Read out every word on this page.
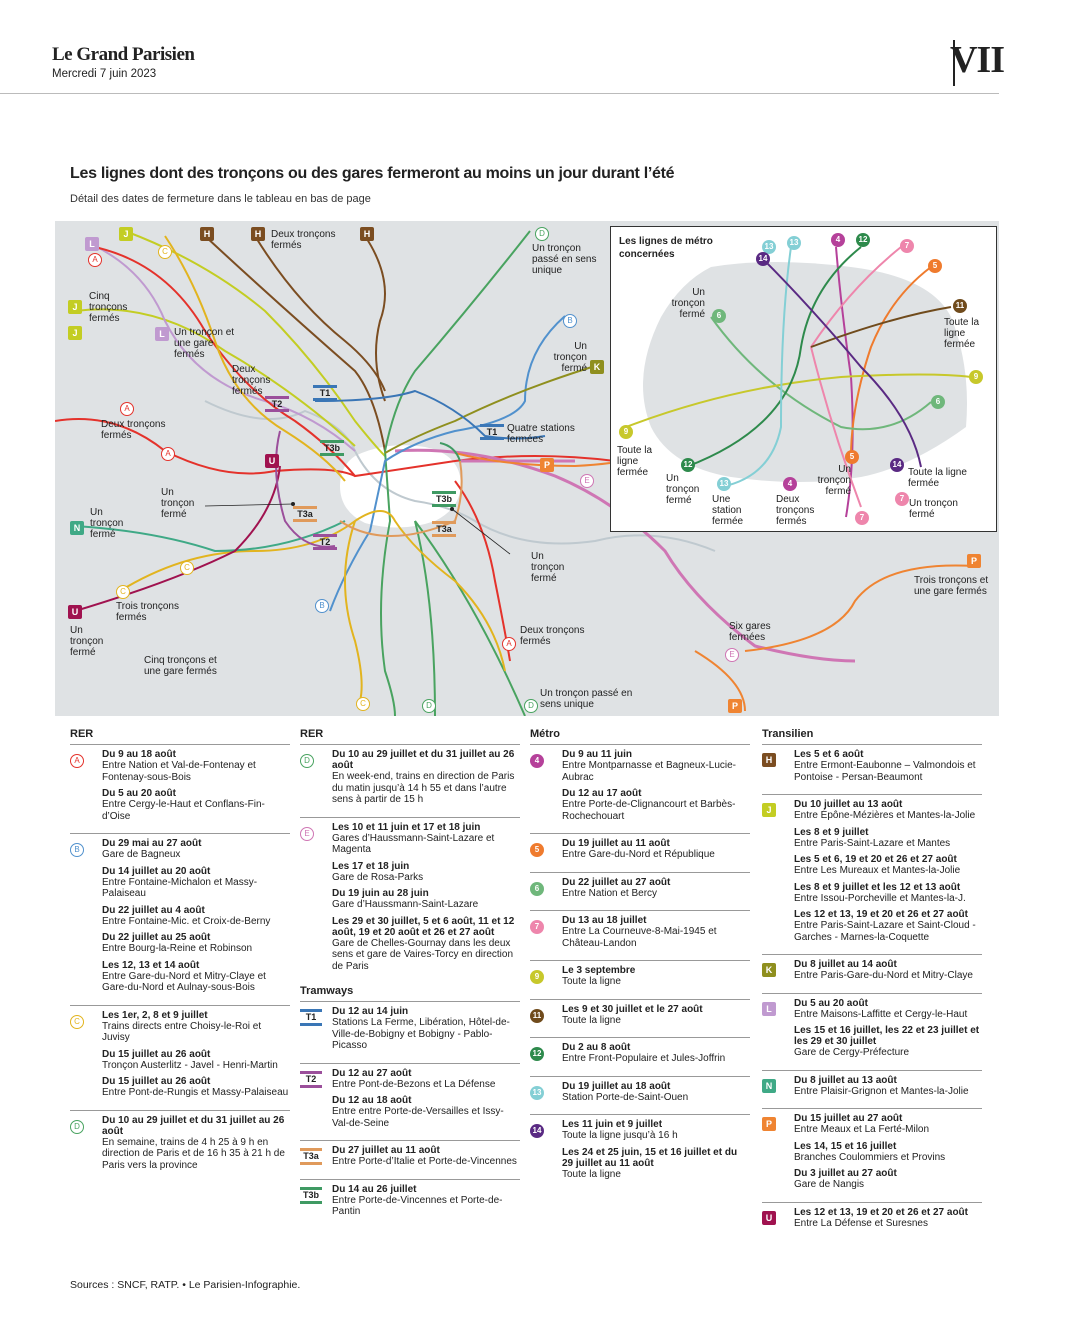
Le Grand Parisien
Mercredi 7 juin 2023	VII
Les lignes dont des tronçons ou des gares fermeront au moins un jour durant l’été
Détail des dates de fermeture dans le tableau en bas de page
L
J	H	H	H
J
J	L
K
P
U
N
U
P
P
A
C
D
B
A
A
E
C
C
B
A
E
C	D	D
T1
T1
T2
T3b
T3b
T3a
T3a
T2
Deux tronçons fermés	Un tronçon passé en sens unique
Cinq tronçons fermés
Un tronçon et une gare fermés
Deux tronçons fermés
Un tronçon fermé
Deux tronçons fermés
Quatre stations fermées
Un tronçon fermé
Un tronçon fermé
Un tronçon fermé	Trois tronçons et une gare fermés
Trois tronçons fermés
Un tronçon fermé
Deux tronçons fermés
Six gares fermées
Cinq tronçons et une gare fermés
Un tronçon passé en sens unique
Les lignes de métro concernées
13	13	4	12
7
14
5
11
6
9
6
9
5
12	14
13	4
7
7
Un tronçon fermé
Toute la ligne fermée
Toute la ligne fermée
Un tronçon fermé	Une station fermée
Deux tronçons fermés
Un tronçon fermé
Toute la ligne fermée
Un tronçon fermé
RER
A
Du 9 au 18 août
Entre Nation et Val-de-Fontenay et Fontenay-sous-Bois
Du 5 au 20 août
Entre Cergy-le-Haut et Conflans-Fin-d’Oise
B
Du 29 mai au 27 août
Gare de Bagneux
Du 14 juillet au 20 août
Entre Fontaine-Michalon et Massy-Palaiseau
Du 22 juillet au 4 août
Entre Fontaine-Mic. et Croix-de-Berny
Du 22 juillet au 25 août
Entre Bourg-la-Reine et Robinson
Les 12, 13 et 14 août
Entre Gare-du-Nord et Mitry-Claye et Gare-du-Nord et Aulnay-sous-Bois
C
Les 1er, 2, 8 et 9 juillet
Trains directs entre Choisy-le-Roi et Juvisy
Du 15 juillet au 26 août
Tronçon Austerlitz - Javel - Henri-Martin
Du 15 juillet au 26 août
Entre Pont-de-Rungis et Massy-Palaiseau
D
Du 10 au 29 juillet et du 31 juillet au 26 août
En semaine, trains de 4 h 25 à 9 h en direction de Paris et de 16 h 35 à 21 h de Paris vers la province
RER
D
Du 10 au 29 juillet et du 31 juillet au 26 août
En week-end, trains en direction de Paris du matin jusqu’à 14 h 55 et dans l’autre sens à partir de 15 h
E
Les 10 et 11 juin et 17 et 18 juin
Gares d’Haussmann-Saint-Lazare et Magenta
Les 17 et 18 juin
Gare de Rosa-Parks
Du 19 juin au 28 juin
Gare d’Haussmann-Saint-Lazare
Les 29 et 30 juillet, 5 et 6 août, 11 et 12 août, 19 et 20 août et 26 et 27 août
Gare de Chelles-Gournay dans les deux sens et gare de Vaires-Torcy en direction de Paris
Tramways
T1	Du 12 au 14 juin
Stations La Ferme, Libération, Hôtel-de-Ville-de-Bobigny et Bobigny - Pablo-Picasso
T2	Du 12 au 27 août
Entre Pont-de-Bezons et La Défense
Du 12 au 18 août
Entre entre Porte-de-Versailles et Issy-Val-de-Seine
T3a	Du 27 juillet au 11 août
Entre Porte-d’Italie et Porte-de-Vincennes
T3b	Du 14 au 26 juillet
Entre Porte-de-Vincennes et Porte-de-Pantin
Métro
4
Du 9 au 11 juin
Entre Montparnasse et Bagneux-Lucie-Aubrac
Du 12 au 17 août
Entre Porte-de-Clignancourt et Barbès-Rochechouart
5
Du 19 juillet au 11 août
Entre Gare-du-Nord et République
6
Du 22 juillet au 27 août
Entre Nation et Bercy
7
Du 13 au 18 juillet
Entre La Courneuve-8-Mai-1945 et Château-Landon
9
Le 3 septembre
Toute la ligne
11
Les 9 et 30 juillet et le 27 août
Toute la ligne
12
Du 2 au 8 août
Entre Front-Populaire et Jules-Joffrin
13
Du 19 juillet au 18 août
Station Porte-de-Saint-Ouen
14
Les 11 juin et 9 juillet
Toute la ligne jusqu’à 16 h
Les 24 et 25 juin, 15 et 16 juillet et du 29 juillet au 11 août
Toute la ligne
Transilien
H	Les 5 et 6 août
Entre Ermont-Eaubonne – Valmondois et Pontoise - Persan-Beaumont
J	Du 10 juillet au 13 août
Entre Épône-Mézières et Mantes-la-Jolie
Les 8 et 9 juillet
Entre Paris-Saint-Lazare et Mantes
Les 5 et 6, 19 et 20 et 26 et 27 août
Entre Les Mureaux et Mantes-la-Jolie
Les 8 et 9 juillet et les 12 et 13 août
Entre Issou-Porcheville et Mantes-la-J.
Les 12 et 13, 19 et 20 et 26 et 27 août
Entre Paris-Saint-Lazare et Saint-Cloud - Garches - Marnes-la-Coquette
K	Du 8 juillet au 14 août
Entre Paris-Gare-du-Nord et Mitry-Claye
L	Du 5 au 20 août
Entre Maisons-Laffitte et Cergy-le-Haut
Les 15 et 16 juillet, les 22 et 23 juillet et les 29 et 30 juillet
Gare de Cergy-Préfecture
N	Du 8 juillet au 13 août
Entre Plaisir-Grignon et Mantes-la-Jolie
P	Du 15 juillet au 27 août
Entre Meaux et La Ferté-Milon
Les 14, 15 et 16 juillet
Branches Coulommiers et Provins
Du 3 juillet au 27 août
Gare de Nangis
U	Les 12 et 13, 19 et 20 et 26 et 27 août
Entre La Défense et Suresnes
Sources : SNCF, RATP. • Le Parisien-Infographie.
